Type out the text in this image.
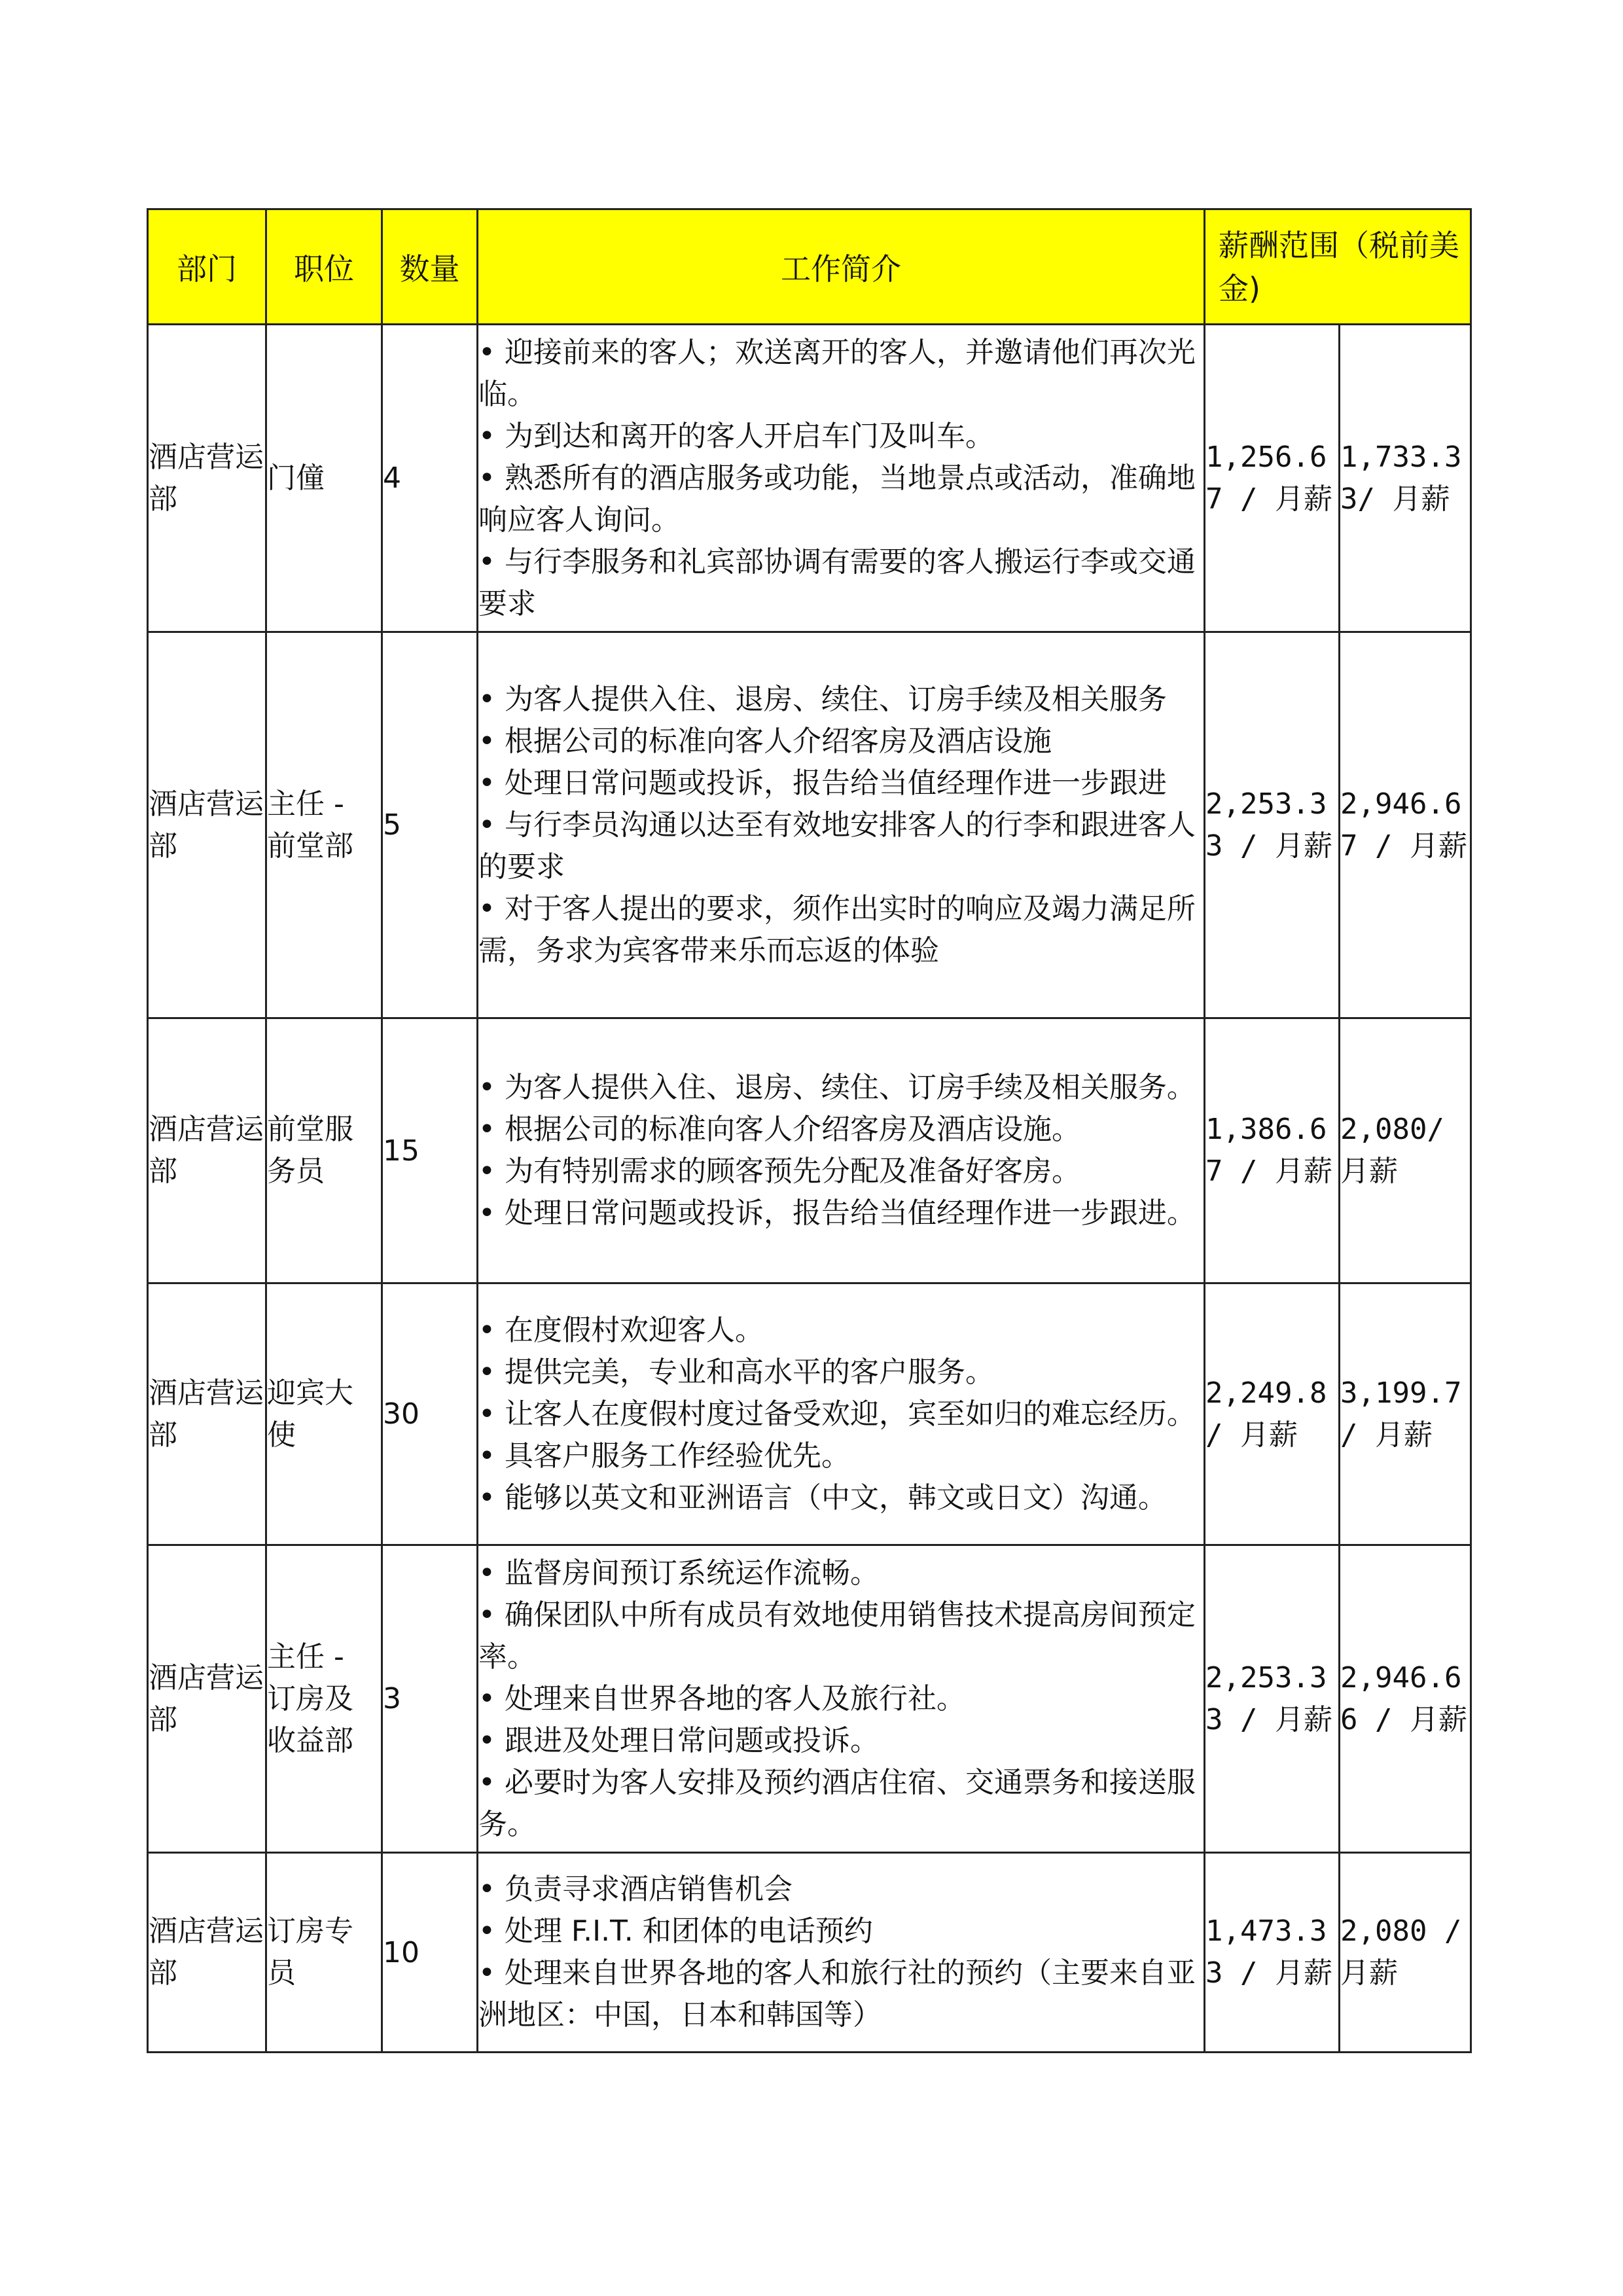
部门	职位	数量	工作简介	薪酬范围（税前美金)	
酒店营运部	门僮	4	• 迎接前来的客人；欢送离开的客人，并邀请他们再次光临。
• 为到达和离开的客人开启车门及叫车。
• 熟悉所有的酒店服务或功能，当地景点或活动，准确地响应客人询问。
• 与行李服务和礼宾部协调有需要的客人搬运行李或交通要求	1,256.67 / 月薪	1,733.33/ 月薪
酒店营运部	主任 - 前堂部	5	• 为客人提供入住、退房、续住、订房手续及相关服务
• 根据公司的标准向客人介绍客房及酒店设施
• 处理日常问题或投诉，报告给当值经理作进一步跟进
• 与行李员沟通以达至有效地安排客人的行李和跟进客人的要求
• 对于客人提出的要求，须作出实时的响应及竭力满足所需，务求为宾客带来乐而忘返的体验	2,253.33 / 月薪	2,946.67 / 月薪
酒店营运部	前堂服务员	15	• 为客人提供入住、退房、续住、订房手续及相关服务。
• 根据公司的标准向客人介绍客房及酒店设施。
• 为有特别需求的顾客预先分配及准备好客房。
• 处理日常问题或投诉，报告给当值经理作进一步跟进。	1,386.67 / 月薪	2,080/ 月薪
酒店营运部	迎宾大使	30	• 在度假村欢迎客人。
• 提供完美，专业和高水平的客户服务。
• 让客人在度假村度过备受欢迎，宾至如归的难忘经历。
• 具客户服务工作经验优先。
• 能够以英文和亚洲语言（中文，韩文或日文）沟通。	2,249.8 / 月薪	3,199.7 / 月薪
酒店营运部	主任 - 订房及收益部	3	• 监督房间预订系统运作流畅。
• 确保团队中所有成员有效地使用销售技术提高房间预定率。
• 处理来自世界各地的客人及旅行社。
• 跟进及处理日常问题或投诉。
• 必要时为客人安排及预约酒店住宿、交通票务和接送服务。	2,253.33 / 月薪	2,946.66 / 月薪
酒店营运部	订房专员	10	• 负责寻求酒店销售机会
• 处理 F.I.T. 和团体的电话预约
• 处理来自世界各地的客人和旅行社的预约（主要来自亚洲地区：中国，日本和韩国等）	1,473.33 / 月薪	2,080 / 月薪
